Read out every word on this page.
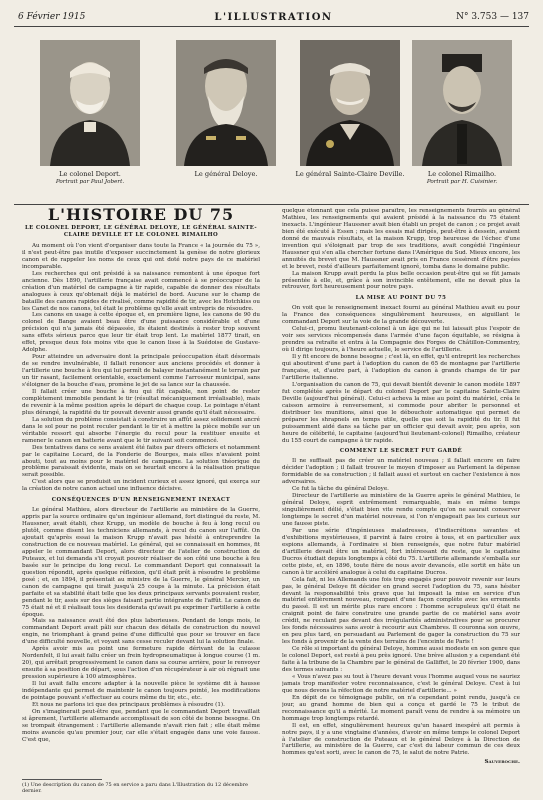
6 Février 1915	L'ILLUSTRATION	N° 3.753 — 137
Le colonel Deport.
Portrait par Paul Jobert.
Le général Deloye.	Le général Sainte-Claire Deville.	Le colonel Rimailho.
Portrait par H. Cuisinier.
L'HISTOIRE DU 75
LE COLONEL DEPORT, LE GÉNÉRAL DELOYE, LE GÉNÉRAL SAINTE-CLAIRE DEVILLE ET LE COLONEL RIMAILHO

Au moment où l'on vient d'organiser dans toute la France « la journée du 75 », il n'est peut-être pas inutile d'exposer succinctement la genèse de notre glorieux canon et de rappeler les noms de ceux qui ont doté notre pays de ce matériel incomparable.

Les recherches qui ont présidé à sa naissance remontent à une époque fort ancienne. Dès 1890, l'artillerie française avait commencé à se préoccuper de la création d'un matériel de campagne à tir rapide, capable de donner des résultats analogues à ceux qu'obtenait déjà le matériel de bord. Aucune sur le champ de bataille des canons rapides de rivalisé, comme rapidité de tir, avec les Hotchkiss ou les Canet de nos canons, tel était le problème qu'elle avait entrepris de résoudre.

Les canons en usage à cette époque et, en première ligne, les canons de 90 du colonel de Bange avaient beau être d'une puissance considérable et d'une précision qui n'a jamais été dépassée, ils étaient destinés à rester trop souvent sans effets sérieux parce que leur tir était trop lent. Le matériel 1877 tirait, en effet, presque deux fois moins vite que le canon lisse à la Suédoise de Gustave-Adolphe.

Pour atteindre un adversaire dont la principale préoccupation était désormais de se rendre invulnérable, il fallait renoncer aux anciens procédés et donner à l'artillerie une bouche à feu qui lui permît de balayer instantanément le terrain par un tir rasant, facilement orientable, exactement comme l'arroseur municipal, sans s'éloigner de la bouche d'eau, promène le jet de sa lance sur la chaussée.

Il fallait créer une bouche à feu qui fût capable, non point de rester complètement immobile pendant le tir (résultat mécaniquement irréalisable), mais de revenir à la même position après le départ de chaque coup. Le pointage n'étant plus dérangé, la rapidité du tir pouvait devenir aussi grande qu'il était nécessaire.

La solution du problème consistait à construire un affût assez solidement ancré dans le sol pour ne point reculer pendant le tir et à mettre la pièce mobile sur un véritable ressort qui absorbe l'énergie du recul pour la restituer ensuite et ramener le canon en batterie avant que le tir suivant soit commencé.

Des tentatives dans ce sens avaient été faites par divers officiers et notamment par le capitaine Locard, de la Fonderie de Bourges, mais elles n'avaient point abouti, tout au moins pour le matériel de campagne. La solution théorique du problème paraissait évidente, mais on se heurtait encore à la réalisation pratique serait possible.

C'est alors que se produisit un incident curieux et assez ignoré, qui exerça sur la création de notre canon actuel une influence décisive.

CONSÉQUENCES D'UN RENSEIGNEMENT INEXACT

Le général Mathieu, alors directeur de l'artillerie au ministère de la Guerre, appris par la source ordinaire qu'un ingénieur allemand, fort distingué du reste, M. Haussner, avait établi, chez Krupp, un modèle de bouche à feu à long recul ou plutôt, comme disent les techniciens allemands, à recul du canon sur l'affût. On ajoutait qu'après essai la maison Krupp n'avait pas hésité à entreprendre la construction de ce nouveau matériel. Le général, qui se connaissait en hommes, fit appeler le commandant Deport, alors directeur de l'atelier de construction de Puteaux, et lui demanda s'il croyait pouvoir réaliser de son côté une bouche à feu basée sur le principe du long recul. Le commandant Deport qui connaissait la question répondit, après quelque réflexion, qu'il était prêt à résoudre le problème posé ; et, en 1894, il présentait au ministre de la Guerre, le général Mercier, un canon de campagne qui tirait jusqu'à 25 coups à la minute. La précision était parfaite et sa stabilité était telle que les deux principaux servants pouvaient rester, pendant le tir, assis sur des sièges faisant partie intégrante de l'affût. Le canon de 75 était né et il réalisait tous les desiderata qu'avait pu exprimer l'artillerie à cette époque.

Mais sa naissance avait été des plus laborieuses. Pendant de longs mois, le commandant Deport avait pâli sur chacun des détails de construction du nouvel engin, ne triomphant à grand peine d'une difficulté que pour se trouver en face d'une difficulté nouvelle, et voyant sans cesse reculer devant lui la solution finale.

Après avoir mis au point une fermeture rapide dérivant de la culasse Nordenfelt, il lui avait fallu créer un frein hydropneumatique à longue course (1 m. 20), qui arrêtait progressivement le canon dans sa course arrière, pour le renvoyer ensuite à sa position de départ, sous l'action d'un récupérateur à air où régnait une pression supérieure à 100 atmosphères.

Il lui avait fallu encore adapter à la nouvelle pièce le système dit à hausse indépendante qui permet de maintenir le canon toujours pointé, les modifications de pointage pouvant s'effectuer au cours même du tir, etc., etc.

Et nous ne parlons ici que des principaux problèmes à résoudre (1).

On s'imaginerait peut-être que, pendant que le commandant Deport travaillait si âprement, l'artillerie allemande accomplissait de son côté de bonne besogne. On se trompait étrangement : l'artillerie allemande n'avait rien fait ; elle était même moins avancée qu'au premier jour, car elle s'était engagée dans une voie fausse. C'est que,

quelque étonnant que cela puisse paraître, les renseignements fournis au général Mathieu, les renseignements qui avaient présidé à la naissance du 75 étaient inexacts. L'ingénieur Haussner avait bien établi un projet de canon ; ce projet avait bien été exécuté à Essen ; mais les essais mal dirigés, peut-être à dessein, avaient donné de mauvais résultats, et la maison Krupp, trop heureuse de l'échec d'une invention qui s'éloignait par trop de ses traditions, avait congédié l'ingénieur Haussner qui s'en alla chercher fortune dans l'Amérique du Sud. Mieux encore, les annuités du brevet que M. Haussner avait pris en France cessèrent d'être payées et le brevet, resté d'ailleurs parfaitement ignoré, tomba dans le domaine public.

La maison Krupp avait perdu la plus belle occasion peut-être qui se fût jamais présentée à elle, et, grâce à son invincible entêtement, elle ne devait plus la retrouver, fort heureusement pour notre pays.

LA MISE AU POINT DU 75

On voit que le renseignement inexact fourni au général Mathieu avait eu pour la France des conséquences singulièrement heureuses, en aiguillant le commandant Deport sur la voie de la grande découverte.

Celui-ci, promu lieutenant-colonel à un âge qui ne lui laissait plus l'espoir de voir ses services récompensés dans l'armée d'une façon équitable, se résigna à prendre sa retraite et entra à la Compagnie des Forges de Châtillon-Commentry, où il dirige toujours, à l'heure actuelle, le service de l'artillerie.

Il y fit encore de bonne besogne ; c'est là, en effet, qu'il entreprit les recherches qui aboutirent d'une part à l'adoption du canon de 65 de montagne par l'artillerie française, et, d'autre part, à l'adoption du canon à grands champs de tir par l'artillerie italienne.

L'organisation du canon de 75, qui devait bientôt devenir le canon modèle 1897 fut complétée après le départ du colonel Deport par le capitaine Sainte-Claire Deville (aujourd'hui général). Celui-ci acheva la mise au point du matériel, créa le caisson armoire à renversement, si commode pour abriter le personnel et distribuer les munitions, ainsi que le débouchoir automatique qui permet de préparer les shrapnels en temps utile, quelle que soit la rapidité du tir. Il fut puissamment aidé dans sa tâche par un officier qui devait avoir, peu après, son heure de célébrité, le capitaine (aujourd'hui lieutenant-colonel) Rimailho, créateur du 155 court de campagne à tir rapide.

COMMENT LE SECRET FUT GARDÉ

Il ne suffisait pas de créer un matériel nouveau ; il fallait encore en faire décider l'adoption ; il fallait trouver le moyen d'imposer au Parlement la dépense formidable de sa construction ; il fallait aussi et surtout en cacher l'existence à nos adversaires.

Ce fut la tâche du général Deloye.

Directeur de l'artillerie au ministère de la Guerre après le général Mathieu, le général Deloye, esprit extrêmement remarquable, mais en même temps singulièrement délié, s'était bien vite rendu compte qu'on ne saurait conserver longtemps le secret d'un matériel nouveau, si l'on n'engageait pas les curieux sur une fausse piste.

Par une série d'ingénieuses maladresses, d'indiscrétions savantes et d'exhibitions mystérieuses, il parvint à faire croire à tous, et en particulier aux espions allemands, à l'ordinaire si bien renseignés, que notre futur matériel d'artillerie devait être un matériel, fort intéressant du reste, que le capitaine Ducros étudiait depuis longtemps à côté du 75. L'artillerie allemande s'emballa sur cette piste, et, en 1896, toute fière de nous avoir devancés, elle sortit en hâte un canon à tir accéléré analogue à celui du capitaine Ducros.

Cela fait, ni les Allemands une fois trop engagés pour pouvoir revenir sur leurs pas, le général Deloye fit décider en grand secret l'adoption du 75, sans hésiter devant la responsabilité très grave que lui imposait la mise en service d'un matériel entièrement nouveau, rompant d'une façon complète avec les errements du passé. Il est un mérite plus rare encore : l'homme scrupuleux qu'il était ne craignit point de faire construire une grande partie de ce matériel sans avoir crédit, ne reculant pas devant des irrégularités administratives pour se procurer les fonds nécessaires sans avoir à recourir aux Chambres. Il couronna son œuvre, en peu plus tard, en persuadant au Parlement de gager la construction du 75 sur les fonds à provenir de la vente des terrains de l'enceinte de Paris !

Ce rôle si important du général Deloye, homme aussi modeste en son genre que le colonel Deport, est resté à peu près ignoré. Une brève allusion y a cependant été faite à la tribune de la Chambre par le général de Galliffet, le 20 février 1900, dans des termes suivants :

« Vous n'avez pas su tout à l'heure devant vous l'homme auquel vous ne sauriez jamais trop manifester votre reconnaissance, c'est le général Deloye. C'est à lui que nous devons la réfection de notre matériel d'artillerie... »

En dépit de ce témoignage public, on n'a cependant point rendu, jusqu'à ce jour, au grand homme de bien qui a conçu et gardé le 75 le tribut de reconnaissance qu'il a mérité. Le moment paraît venu de rendre à sa mémoire un hommage trop longtemps retardé.

Il est, en effet, singulièrement heureux qu'un hasard inespéré ait permis à notre pays, il y a une vingtaine d'années, d'avoir en même temps le colonel Deport à l'atelier de construction de Puteaux et le général Deloye à la Direction de l'artillerie, au ministère de la Guerre, car c'est du labeur commun de ces deux hommes qu'est sorti, avec le canon de 75, le salut de notre Patrie.

Sauveroche.
(1) Une description du canon de 75 en service a paru dans L'Illustration du 12 décembre dernier.
